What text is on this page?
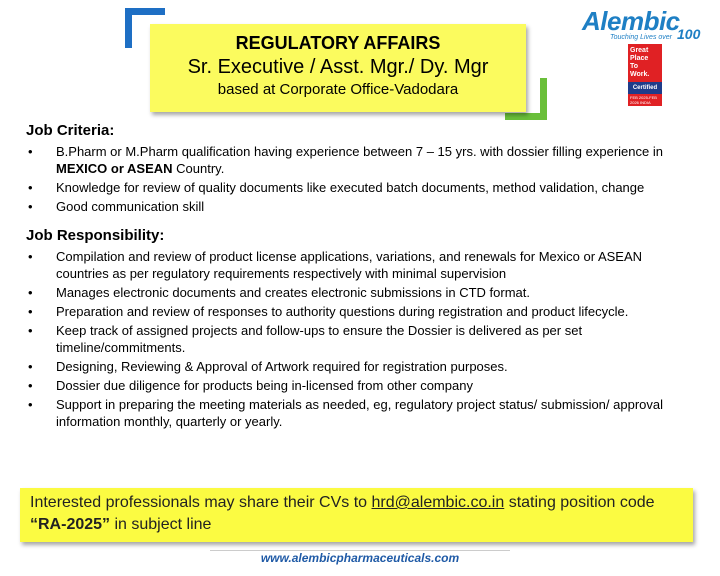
REGULATORY AFFAIRS
Sr. Executive / Asst. Mgr./ Dy. Mgr
based at Corporate Office-Vadodara
Alembic
Touching Lives over 100
Great
Place
To
Work.
Certified
FEB 2025-FEB 2026 INDIA
Job Criteria:
• B.Pharm or M.Pharm qualification having experience between 7 – 15 yrs. with dossier filling experience in MEXICO or ASEAN Country.
• Knowledge for review of quality documents like executed batch documents, method validation, change
• Good communication skill
Job Responsibility:
• Compilation and review of product license applications, variations, and renewals for Mexico or ASEAN countries as per regulatory requirements respectively with minimal supervision
• Manages electronic documents and creates electronic submissions in CTD format.
• Preparation and review of responses to authority questions during registration and product lifecycle.
• Keep track of assigned projects and follow-ups to ensure the Dossier is delivered as per set timeline/commitments.
• Designing, Reviewing & Approval of Artwork required for registration purposes.
• Dossier due diligence for products being in-licensed from other company
• Support in preparing the meeting materials as needed, eg, regulatory project status/ submission/ approval information monthly, quarterly or yearly.
Interested professionals may share their CVs to hrd@alembic.co.in stating position code “RA-2025” in subject line
www.alembicpharmaceuticals.com
